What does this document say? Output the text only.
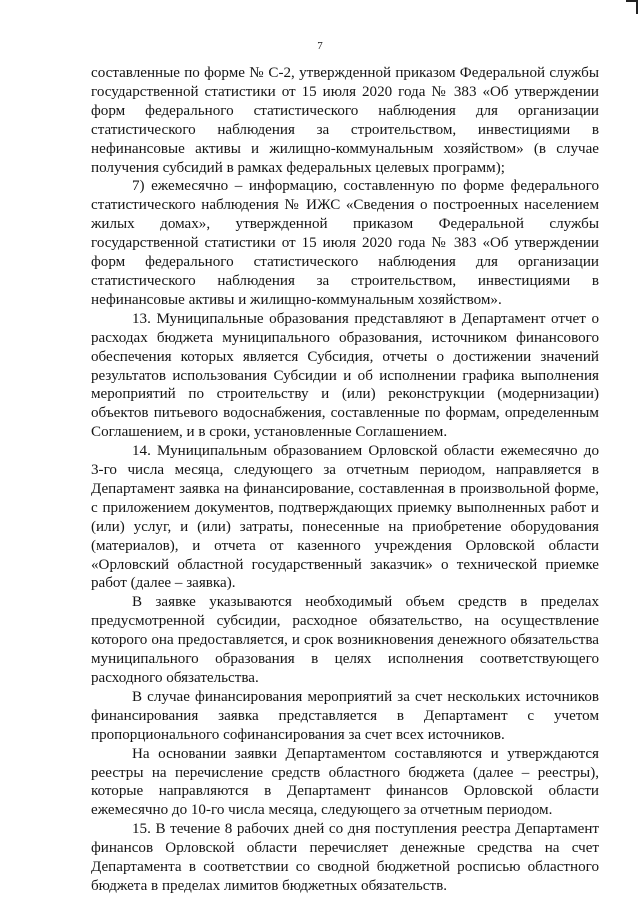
7

составленные по форме № С-2, утвержденной приказом Федеральной службы государственной статистики от 15 июля 2020 года № 383 «Об утверждении форм федерального статистического наблюдения для организации статистического наблюдения за строительством, инвестициями в нефинансовые активы и жилищно-коммунальным хозяйством» (в случае получения субсидий в рамках федеральных целевых программ);

7) ежемесячно – информацию, составленную по форме федерального статистического наблюдения № ИЖС «Сведения о построенных населением жилых домах», утвержденной приказом Федеральной службы государственной статистики от 15 июля 2020 года № 383 «Об утверждении форм федерального статистического наблюдения для организации статистического наблюдения за строительством, инвестициями в нефинансовые активы и жилищно-коммунальным хозяйством».

13. Муниципальные образования представляют в Департамент отчет о расходах бюджета муниципального образования, источником финансового обеспечения которых является Субсидия, отчеты о достижении значений результатов использования Субсидии и об исполнении графика выполнения мероприятий по строительству и (или) реконструкции (модернизации) объектов питьевого водоснабжения, составленные по формам, определенным Соглашением, и в сроки, установленные Соглашением.

14. Муниципальным образованием Орловской области ежемесячно до 3-го числа месяца, следующего за отчетным периодом, направляется в Департамент заявка на финансирование, составленная в произвольной форме, с приложением документов, подтверждающих приемку выполненных работ и (или) услуг, и (или) затраты, понесенные на приобретение оборудования (материалов), и отчета от казенного учреждения Орловской области «Орловский областной государственный заказчик» о технической приемке работ (далее – заявка).

В заявке указываются необходимый объем средств в пределах предусмотренной субсидии, расходное обязательство, на осуществление которого она предоставляется, и срок возникновения денежного обязательства муниципального образования в целях исполнения соответствующего расходного обязательства.

В случае финансирования мероприятий за счет нескольких источников финансирования заявка представляется в Департамент с учетом пропорционального софинансирования за счет всех источников.

На основании заявки Департаментом составляются и утверждаются реестры на перечисление средств областного бюджета (далее – реестры), которые направляются в Департамент финансов Орловской области ежемесячно до 10-го числа месяца, следующего за отчетным периодом.

15. В течение 8 рабочих дней со дня поступления реестра Департамент финансов Орловской области перечисляет денежные средства на счет Департамента в соответствии со сводной бюджетной росписью областного бюджета в пределах лимитов бюджетных обязательств.
